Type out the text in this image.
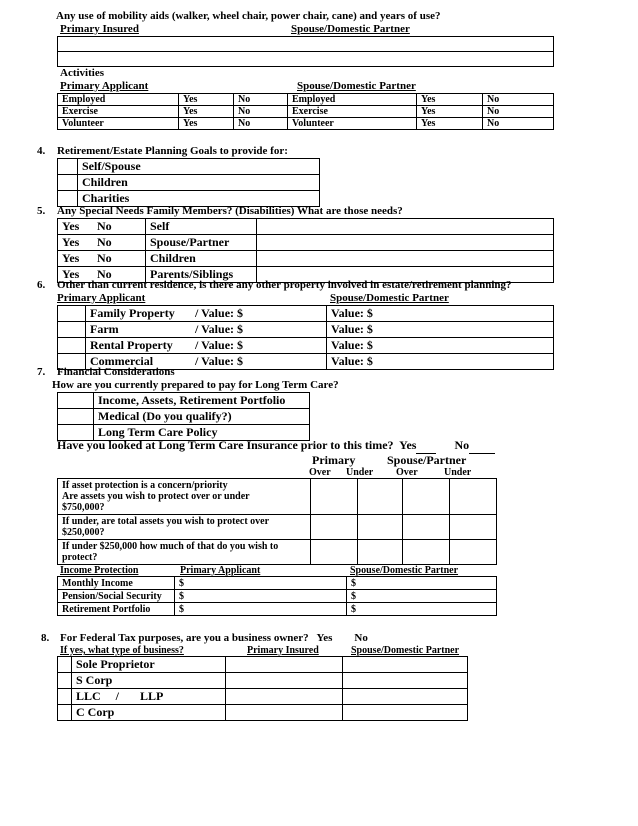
Any use of mobility aids (walker, wheel chair, power chair, cane) and years of use?
Primary Insured	Spouse/Domestic Partner

Activities
Primary Applicant	Spouse/Domestic Partner
Employed	Yes	No	Employed	Yes	No
Exercise	Yes	No	Exercise	Yes	No
Volunteer	Yes	No	Volunteer	Yes	No
4. Retirement/Estate Planning Goals to provide for:
	Self/Spouse
	Children
	Charities
5. Any Special Needs Family Members? (Disabilities) What are those needs?
Yes	No	Self	
Yes	No	Spouse/Partner	
Yes	No	Children	
Yes	No	Parents/Siblings	
6. Other than current residence, is there any other property involved in estate/retirement planning?
Primary Applicant	Spouse/Domestic Partner
	Family Property	/ Value: $	Value: $
	Farm	/ Value: $	Value: $
	Rental Property	/ Value: $	Value: $
	Commercial	/ Value: $	Value: $
7. Financial Considerations
How are you currently prepared to pay for Long Term Care?
	Income, Assets, Retirement Portfolio
	Medical (Do you qualify?)
	Long Term Care Policy
Have you looked at Long Term Care Insurance prior to this time? Yes	No
Primary	Spouse/Partner
Over Under Over	Under
If asset protection is a concern/priority
Are assets you wish to protect over or under
$750,000?				
If under, are total assets you wish to protect over
$250,000?				
If under $250,000 how much of that do you wish to
protect?				
Income Protection	Primary Applicant	Spouse/Domestic Partner
Monthly Income	$	$
Pension/Social Security	$	$
Retirement Portfolio	$	$
8. For Federal Tax purposes, are you a business owner? Yes No
If yes, what type of business?	Primary Insured	Spouse/Domestic Partner
	Sole Proprietor		
	S Corp		
	LLC     /       LLP		
	C Corp		
